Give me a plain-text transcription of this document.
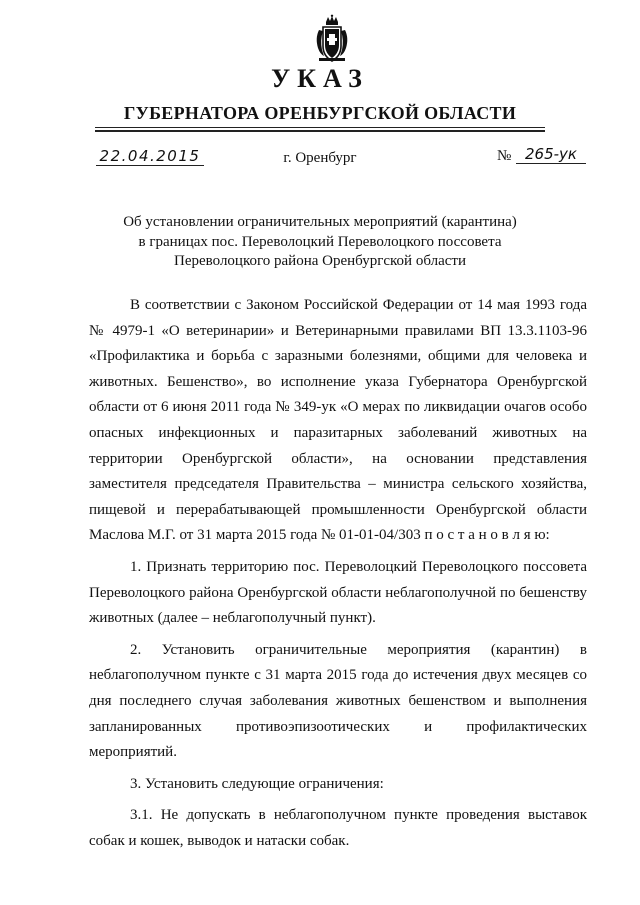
УКАЗ
ГУБЕРНАТОРА ОРЕНБУРГСКОЙ ОБЛАСТИ
22.04.2015	г. Оренбург	№ 265-ук
Об установлении ограничительных мероприятий (карантина)
в границах пос. Переволоцкий Переволоцкого поссовета
Переволоцкого района Оренбургской области

В соответствии с Законом Российской Федерации от 14 мая 1993 года № 4979-1 «О ветеринарии» и Ветеринарными правилами ВП 13.3.1103-96 «Профилактика и борьба с заразными болезнями, общими для человека и животных. Бешенство», во исполнение указа Губернатора Оренбургской области от 6 июня 2011 года № 349-ук «О мерах по ликвидации очагов особо опасных инфекционных и паразитарных заболеваний животных на территории Оренбургской области», на основании представления заместителя председателя Правительства – министра сельского хозяйства, пищевой и перерабатывающей промышленности Оренбургской области Маслова М.Г. от 31 марта 2015 года № 01-01-04/303 п о с т а н о в л я ю:

1. Признать территорию пос. Переволоцкий Переволоцкого поссовета Переволоцкого района Оренбургской области неблагополучной по бешенству животных (далее – неблагополучный пункт).

2. Установить ограничительные мероприятия (карантин) в неблагополучном пункте с 31 марта 2015 года до истечения двух месяцев со дня последнего случая заболевания животных бешенством и выполнения запланированных противоэпизоотических и профилактических мероприятий.

3. Установить следующие ограничения:

3.1. Не допускать в неблагополучном пункте проведения выставок собак и кошек, выводок и натаски собак.
